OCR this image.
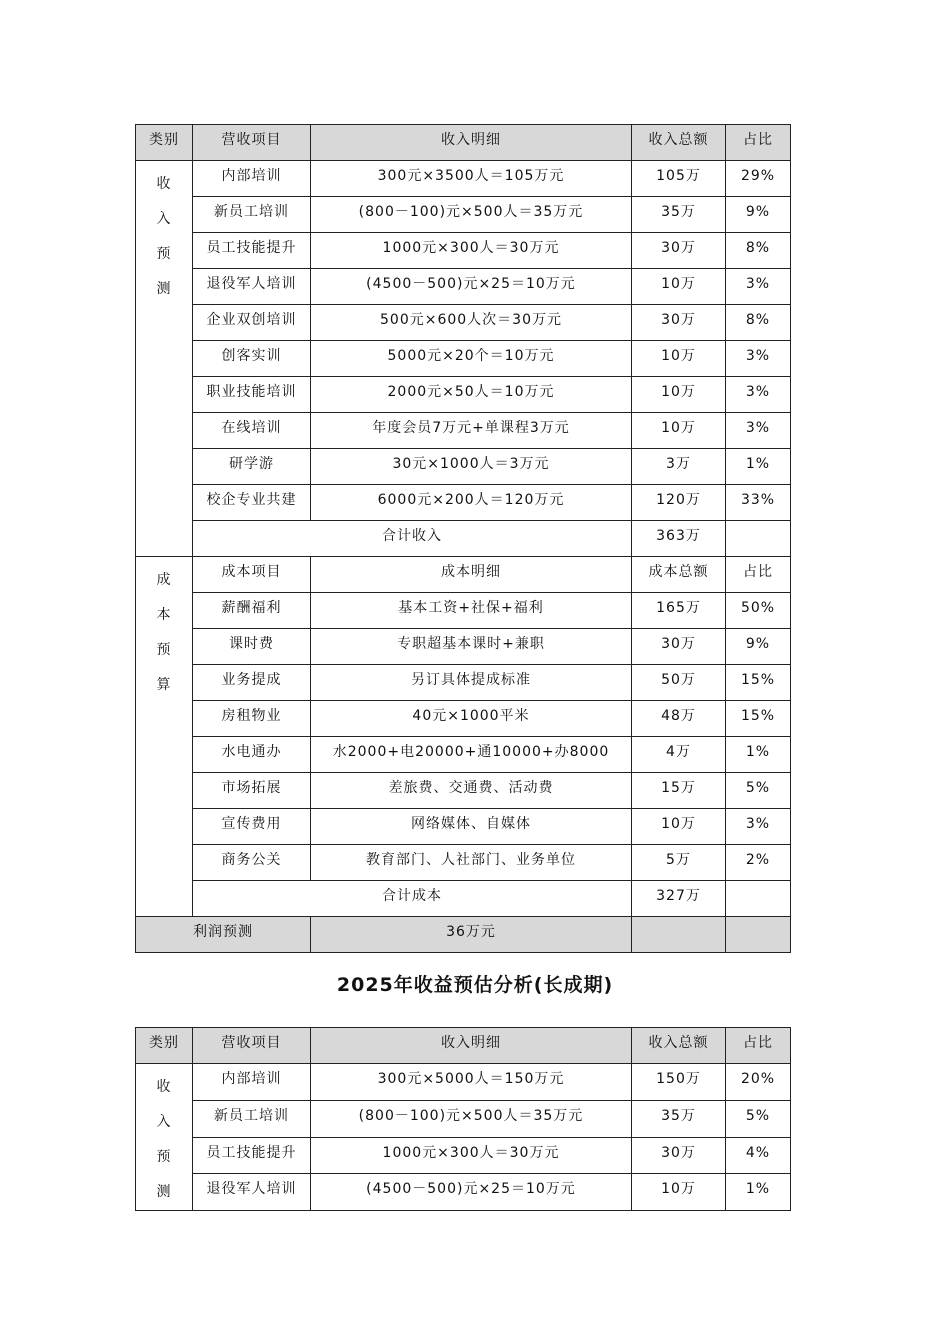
类别	营收项目	收入明细	收入总额	占比
收入预测	内部培训	300元×3500人＝105万元	105万	29%
	新员工培训	(800－100)元×500人＝35万元	35万	9%
	员工技能提升	1000元×300人＝30万元	30万	8%
	退役军人培训	(4500－500)元×25＝10万元	10万	3%
	企业双创培训	500元×600人次＝30万元	30万	8%
	创客实训	5000元×20个＝10万元	10万	3%
	职业技能培训	2000元×50人＝10万元	10万	3%
	在线培训	年度会员7万元+单课程3万元	10万	3%
	研学游	30元×1000人＝3万元	3万	1%
	校企专业共建	6000元×200人＝120万元	120万	33%
	合计收入		363万	
成本预算	成本项目	成本明细	成本总额	占比
	薪酬福利	基本工资+社保+福利	165万	50%
	课时费	专职超基本课时+兼职	30万	9%
	业务提成	另订具体提成标准	50万	15%
	房租物业	40元×1000平米	48万	15%
	水电通办	水2000+电20000+通10000+办8000	4万	1%
	市场拓展	差旅费、交通费、活动费	15万	5%
	宣传费用	网络媒体、自媒体	10万	3%
	商务公关	教育部门、人社部门、业务单位	5万	2%
	合计成本		327万	
利润预测		36万元		
2025年收益预估分析(长成期)
类别	营收项目	收入明细	收入总额	占比
收入预测	内部培训	300元×5000人＝150万元	150万	20%
	新员工培训	(800－100)元×500人＝35万元	35万	5%
	员工技能提升	1000元×300人＝30万元	30万	4%
	退役军人培训	(4500－500)元×25＝10万元	10万	1%
